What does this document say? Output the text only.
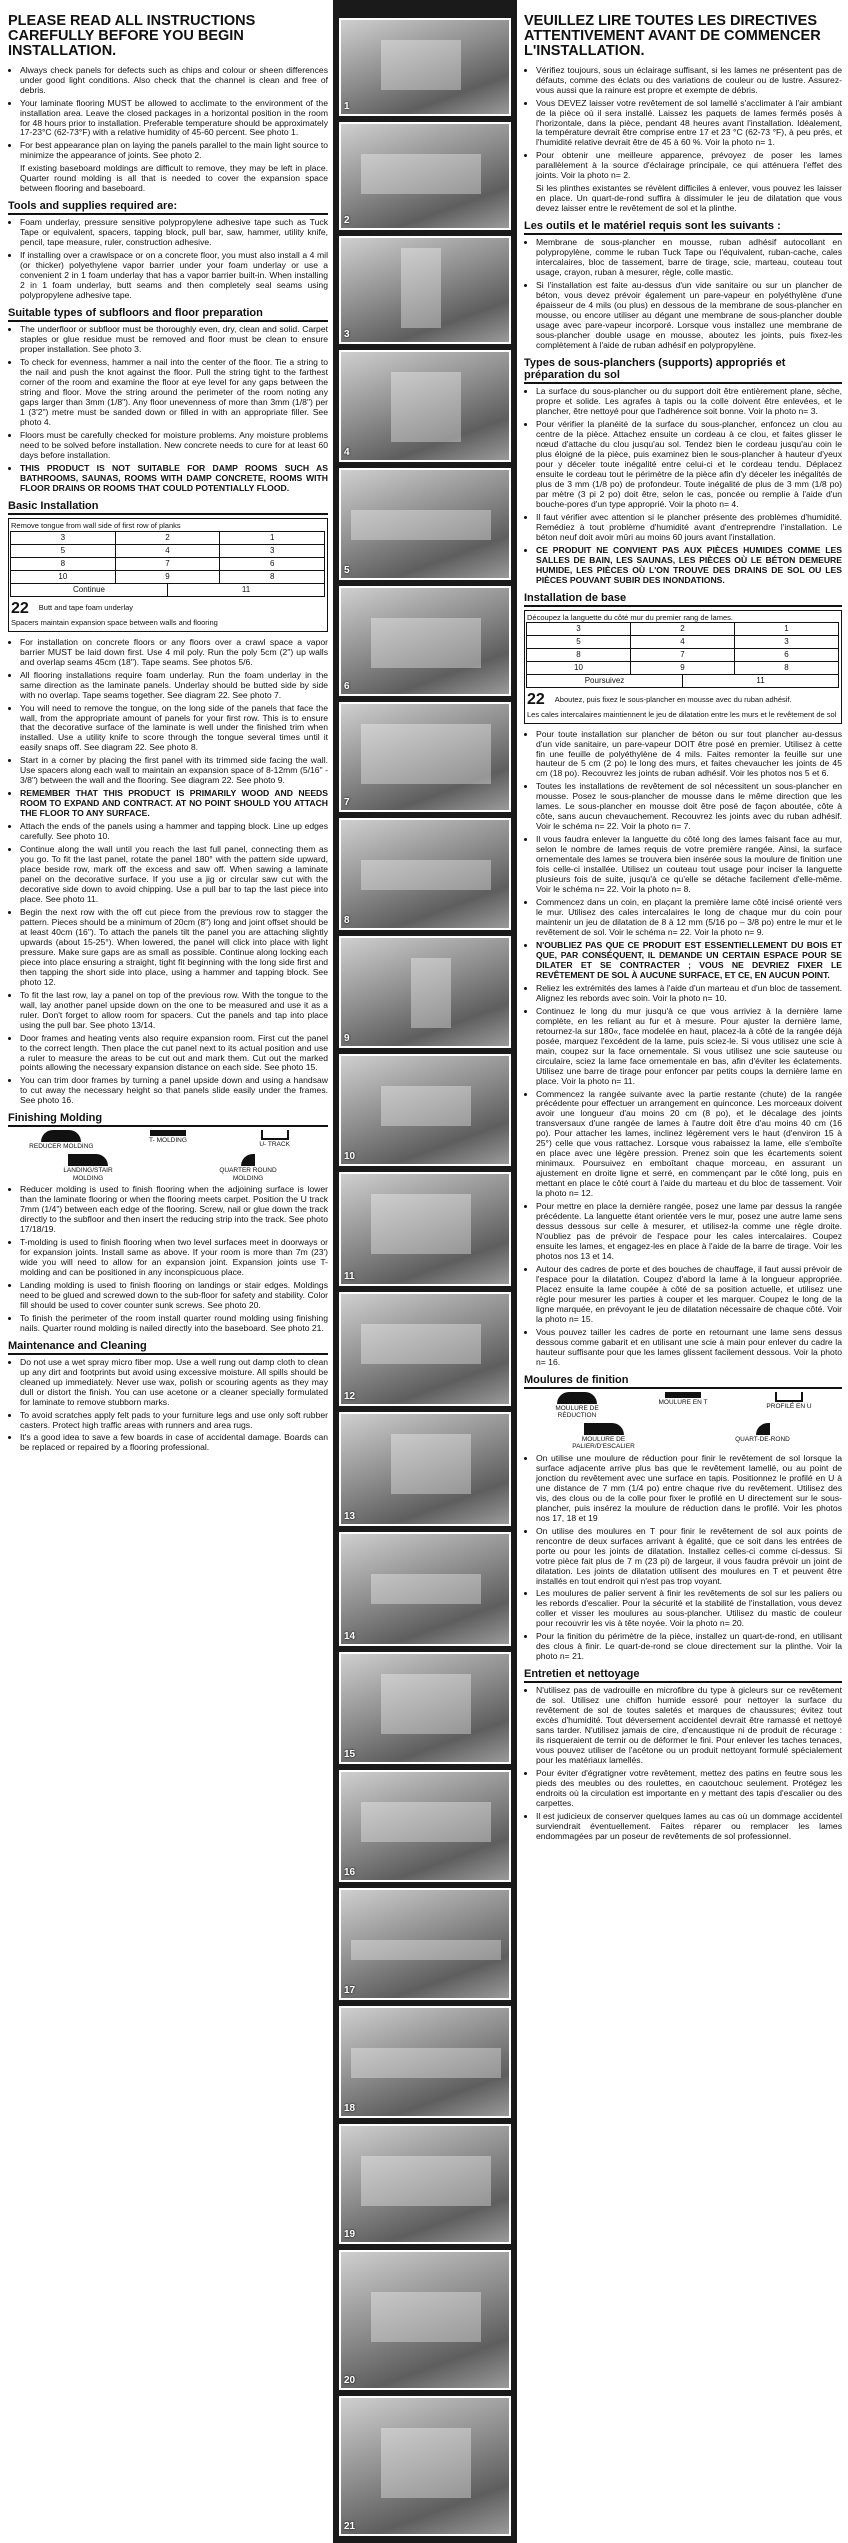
PLEASE READ ALL INSTRUCTIONS CAREFULLY BEFORE YOU BEGIN INSTALLATION.
• Always check panels for defects such as chips and colour or sheen differences under good light conditions. Also check that the channel is clean and free of debris.
• Your laminate flooring MUST be allowed to acclimate to the environment of the installation area. Leave the closed packages in a horizontal position in the room for 48 hours prior to installation. Preferable temperature should be approximately 17-23°C (62-73°F) with a relative humidity of 45-60 percent. See photo 1.
• For best appearance plan on laying the panels parallel to the main light source to minimize the appearance of joints. See photo 2.

If existing baseboard moldings are difficult to remove, they may be left in place. Quarter round molding is all that is needed to cover the expansion space between flooring and baseboard.

Tools and supplies required are:
• Foam underlay, pressure sensitive polypropylene adhesive tape such as Tuck Tape or equivalent, spacers, tapping block, pull bar, saw, hammer, utility knife, pencil, tape measure, ruler, construction adhesive.
• If installing over a crawlspace or on a concrete floor, you must also install a 4 mil (or thicker) polyethylene vapor barrier under your foam underlay or use a convenient 2 in 1 foam underlay that has a vapor barrier built-in. When installing 2 in 1 foam underlay, butt seams and then completely seal seams using polypropylene adhesive tape.
Suitable types of subfloors and floor preparation
• The underfloor or subfloor must be thoroughly even, dry, clean and solid. Carpet staples or glue residue must be removed and floor must be clean to ensure proper installation. See photo 3.
• To check for evenness, hammer a nail into the center of the floor. Tie a string to the nail and push the knot against the floor. Pull the string tight to the farthest corner of the room and examine the floor at eye level for any gaps between the string and floor. Move the string around the perimeter of the room noting any gaps larger than 3mm (1/8"). Any floor unevenness of more than 3mm (1/8") per 1 (3'2") metre must be sanded down or filled in with an appropriate filler. See photo 4.
• Floors must be carefully checked for moisture problems. Any moisture problems need to be solved before installation. New concrete needs to cure for at least 60 days before installation.
• THIS PRODUCT IS NOT SUITABLE FOR DAMP ROOMS SUCH AS BATHROOMS, SAUNAS, ROOMS WITH DAMP CONCRETE, ROOMS WITH FLOOR DRAINS OR ROOMS THAT COULD POTENTIALLY FLOOD.
Basic Installation
Remove tongue from wall side of first row of planks
3	2	1
5	4	3
8	7	6
10	9	8
Continue	11
22 Butt and tape foam underlay
Spacers maintain expansion space between walls and flooring
• For installation on concrete floors or any floors over a crawl space a vapor barrier MUST be laid down first. Use 4 mil poly. Run the poly 5cm (2") up walls and overlap seams 45cm (18"). Tape seams. See photos 5/6.
• All flooring installations require foam underlay. Run the foam underlay in the same direction as the laminate panels. Underlay should be butted side by side with no overlap. Tape seams together. See diagram 22. See photo 7.
• You will need to remove the tongue, on the long side of the panels that face the wall, from the appropriate amount of panels for your first row. This is to ensure that the decorative surface of the laminate is well under the finished trim when installed. Use a utility knife to score through the tongue several times until it easily snaps off. See diagram 22. See photo 8.
• Start in a corner by placing the first panel with its trimmed side facing the wall. Use spacers along each wall to maintain an expansion space of 8-12mm (5/16" - 3/8") between the wall and the flooring. See diagram 22. See photo 9.
• REMEMBER THAT THIS PRODUCT IS PRIMARILY WOOD AND NEEDS ROOM TO EXPAND AND CONTRACT. AT NO POINT SHOULD YOU ATTACH THE FLOOR TO ANY SURFACE.
• Attach the ends of the panels using a hammer and tapping block. Line up edges carefully. See photo 10.
• Continue along the wall until you reach the last full panel, connecting them as you go. To fit the last panel, rotate the panel 180° with the pattern side upward, place beside row, mark off the excess and saw off. When sawing a laminate panel on the decorative surface. If you use a jig or circular saw cut with the decorative side down to avoid chipping. Use a pull bar to tap the last piece into place. See photo 11.
• Begin the next row with the off cut piece from the previous row to stagger the pattern. Pieces should be a minimum of 20cm (8") long and joint offset should be at least 40cm (16"). To attach the panels tilt the panel you are attaching slightly upwards (about 15-25°). When lowered, the panel will click into place with light pressure. Make sure gaps are as small as possible. Continue along locking each piece into place ensuring a straight, tight fit beginning with the long side first and then tapping the short side into place, using a hammer and tapping block. See photo 12.
• To fit the last row, lay a panel on top of the previous row. With the tongue to the wall, lay another panel upside down on the one to be measured and use it as a ruler. Don't forget to allow room for spacers. Cut the panels and tap into place using the pull bar. See photo 13/14.
• Door frames and heating vents also require expansion room. First cut the panel to the correct length. Then place the cut panel next to its actual position and use a ruler to measure the areas to be cut out and mark them. Cut out the marked points allowing the necessary expansion distance on each side. See photo 15.
• You can trim door frames by turning a panel upside down and using a handsaw to cut away the necessary height so that panels slide easily under the frames. See photo 16.
Finishing Molding
REDUCER MOLDING
T- MOLDING
U- TRACK
LANDING/STAIR MOLDING
QUARTER ROUND MOLDING
• Reducer molding is used to finish flooring when the adjoining surface is lower than the laminate flooring or when the flooring meets carpet. Position the U track 7mm (1/4") between each edge of the flooring. Screw, nail or glue down the track directly to the subfloor and then insert the reducing strip into the track. See photo 17/18/19.
• T-molding is used to finish flooring when two level surfaces meet in doorways or for expansion joints. Install same as above. If your room is more than 7m (23') wide you will need to allow for an expansion joint. Expansion joints use T-molding and can be positioned in any inconspicuous place.
• Landing molding is used to finish flooring on landings or stair edges. Moldings need to be glued and screwed down to the sub-floor for safety and stability. Color fill should be used to cover counter sunk screws. See photo 20.
• To finish the perimeter of the room install quarter round molding using finishing nails. Quarter round molding is nailed directly into the baseboard. See photo 21.
Maintenance and Cleaning
• Do not use a wet spray micro fiber mop. Use a well rung out damp cloth to clean up any dirt and footprints but avoid using excessive moisture. All spills should be cleaned up immediately. Never use wax, polish or scouring agents as they may dull or distort the finish. You can use acetone or a cleaner specially formulated for laminate to remove stubborn marks.
• To avoid scratches apply felt pads to your furniture legs and use only soft rubber casters. Protect high traffic areas with runners and area rugs.
• It's a good idea to save a few boards in case of accidental damage. Boards can be replaced or repaired by a flooring professional.
1
2
3
4
5
6
7
8
9
10
11
12
13
14
15
16
17
18
19
20
21
VEUILLEZ LIRE TOUTES LES DIRECTIVES ATTENTIVEMENT AVANT DE COMMENCER L'INSTALLATION.
• Vérifiez toujours, sous un éclairage suffisant, si les lames ne présentent pas de défauts, comme des éclats ou des variations de couleur ou de lustre. Assurez-vous aussi que la rainure est propre et exempte de débris.
• Vous DEVEZ laisser votre revêtement de sol lamellé s'acclimater à l'air ambiant de la pièce où il sera installé. Laissez les paquets de lames fermés posés à l'horizontale, dans la pièce, pendant 48 heures avant l'installation. Idéalement, la température devrait être comprise entre 17 et 23 °C (62-73 °F), à peu près, et l'humidité relative devrait être de 45 à 60 %. Voir la photo n= 1.
• Pour obtenir une meilleure apparence, prévoyez de poser les lames parallèlement à la source d'éclairage principale, ce qui atténuera l'effet des joints. Voir la photo n= 2.

Si les plinthes existantes se révèlent difficiles à enlever, vous pouvez les laisser en place. Un quart-de-rond suffira à dissimuler le jeu de dilatation que vous devez laisser entre le revêtement de sol et la plinthe.

Les outils et le matériel requis sont les suivants :
• Membrane de sous-plancher en mousse, ruban adhésif autocollant en polypropylène, comme le ruban Tuck Tape ou l'équivalent, ruban-cache, cales intercalaires, bloc de tassement, barre de tirage, scie, marteau, couteau tout usage, crayon, ruban à mesurer, règle, colle mastic.
• Si l'installation est faite au-dessus d'un vide sanitaire ou sur un plancher de béton, vous devez prévoir également un pare-vapeur en polyéthylène d'une épaisseur de 4 mils (ou plus) en dessous de la membrane de sous-plancher en mousse, ou encore utiliser au dégant une membrane de sous-plancher double usage avec pare-vapeur incorporé. Lorsque vous installez une membrane de sous-plancher double usage en mousse, aboutez les joints, puis fixez-les complètement à l'aide de ruban adhésif en polypropylène.
Types de sous-planchers (supports) appropriés et préparation du sol
• La surface du sous-plancher ou du support doit être entièrement plane, sèche, propre et solide. Les agrafes à tapis ou la colle doivent être enlevées, et le plancher, être nettoyé pour que l'adhérence soit bonne. Voir la photo n= 3.
• Pour vérifier la planéité de la surface du sous-plancher, enfoncez un clou au centre de la pièce. Attachez ensuite un cordeau à ce clou, et faites glisser le nœud d'attache du clou jusqu'au sol. Tendez bien le cordeau jusqu'au coin le plus éloigné de la pièce, puis examinez bien le sous-plancher à hauteur d'yeux pour y déceler toute inégalité entre celui-ci et le cordeau tendu. Déplacez ensuite le cordeau tout le périmètre de la pièce afin d'y déceler les inégalités de plus de 3 mm (1/8 po) de profondeur. Toute inégalité de plus de 3 mm (1/8 po) par mètre (3 pi 2 po) doit être, selon le cas, poncée ou remplie à l'aide d'un bouche-pores d'un type approprié. Voir la photo n= 4.
• Il faut vérifier avec attention si le plancher présente des problèmes d'humidité. Remédiez à tout problème d'humidité avant d'entreprendre l'installation. Le béton neuf doit avoir mûri au moins 60 jours avant l'installation.
• CE PRODUIT NE CONVIENT PAS AUX PIÈCES HUMIDES COMME LES SALLES DE BAIN, LES SAUNAS, LES PIÈCES OÙ LE BÉTON DEMEURE HUMIDE, LES PIÈCES OÙ L'ON TROUVE DES DRAINS DE SOL OU LES PIÈCES POUVANT SUBIR DES INONDATIONS.
Installation de base
Découpez la languette du côté mur du premier rang de lames.
3	2	1
5	4	3
8	7	6
10	9	8
Poursuivez	11
22 Aboutez, puis fixez le sous-plancher en mousse avec du ruban adhésif.
Les cales intercalaires maintiennent le jeu de dilatation entre les murs et le revêtement de sol
• Pour toute installation sur plancher de béton ou sur tout plancher au-dessus d'un vide sanitaire, un pare-vapeur DOIT être posé en premier. Utilisez à cette fin une feuille de polyéthylène de 4 mils. Faites remonter la feuille sur une hauteur de 5 cm (2 po) le long des murs, et faites chevaucher les joints de 45 cm (18 po). Recouvrez les joints de ruban adhésif. Voir les photos nos 5 et 6.
• Toutes les installations de revêtement de sol nécessitent un sous-plancher en mousse. Posez le sous-plancher de mousse dans le même direction que les lames. Le sous-plancher en mousse doit être posé de façon aboutée, côte à côte, sans aucun chevauchement. Recouvrez les joints avec du ruban adhésif. Voir le schéma n= 22. Voir la photo n= 7.
• Il vous faudra enlever la languette du côté long des lames faisant face au mur, selon le nombre de lames requis de votre première rangée. Ainsi, la surface ornementale des lames se trouvera bien insérée sous la moulure de finition une fois celle-ci installée. Utilisez un couteau tout usage pour inciser la languette plusieurs fois de suite, jusqu'à ce qu'elle se détache facilement d'elle-même. Voir le schéma n= 22. Voir la photo n= 8.
• Commencez dans un coin, en plaçant la première lame côté incisé orienté vers le mur. Utilisez des cales intercalaires le long de chaque mur du coin pour maintenir un jeu de dilatation de 8 à 12 mm (5/16 po – 3/8 po) entre le mur et le revêtement de sol. Voir le schéma n= 22. Voir la photo n= 9.
• N'OUBLIEZ PAS QUE CE PRODUIT EST ESSENTIELLEMENT DU BOIS ET QUE, PAR CONSÉQUENT, IL DEMANDE UN CERTAIN ESPACE POUR SE DILATER ET SE CONTRACTER ; VOUS NE DEVRIEZ FIXER LE REVÊTEMENT DE SOL À AUCUNE SURFACE, ET CE, EN AUCUN POINT.
• Reliez les extrémités des lames à l'aide d'un marteau et d'un bloc de tassement. Alignez les rebords avec soin. Voir la photo n= 10.
• Continuez le long du mur jusqu'à ce que vous arriviez à la dernière lame complète, en les reliant au fur et à mesure. Pour ajuster la dernière lame, retournez-la sur 180«, face modelée en haut, placez-la à côté de la rangée déjà posée, marquez l'excédent de la lame, puis sciez-le. Si vous utilisez une scie à main, coupez sur la face ornementale. Si vous utilisez une scie sauteuse ou circulaire, sciez la lame face ornementale en bas, afin d'éviter les éclatements. Utilisez une barre de tirage pour enfoncer par petits coups la dernière lame en place. Voir la photo n= 11.
• Commencez la rangée suivante avec la partie restante (chute) de la rangée précédente pour effectuer un arrangement en quinconce. Les morceaux doivent avoir une longueur d'au moins 20 cm (8 po), et le décalage des joints transversaux d'une rangée de lames à l'autre doit être d'au moins 40 cm (16 po). Pour attacher les lames, inclinez légèrement vers le haut (d'environ 15 à 25°) celle que vous rattachez. Lorsque vous rabaissez la lame, elle s'emboîte en place avec une légère pression. Prenez soin que les écartements soient minimaux. Poursuivez en emboîtant chaque morceau, en assurant un ajustement en droite ligne et serré, en commençant par le côté long, puis en mettant en place le côté court à l'aide du marteau et du bloc de tassement. Voir la photo n= 12.
• Pour mettre en place la dernière rangée, posez une lame par dessus la rangée précédente. La languette étant orientée vers le mur, posez une autre lame sens dessus dessous sur celle à mesurer, et utilisez-la comme une règle droite. N'oubliez pas de prévoir de l'espace pour les cales intercalaires. Coupez ensuite les lames, et engagez-les en place à l'aide de la barre de tirage. Voir les photos nos 13 et 14.
• Autour des cadres de porte et des bouches de chauffage, il faut aussi prévoir de l'espace pour la dilatation. Coupez d'abord la lame à la longueur appropriée. Placez ensuite la lame coupée à côté de sa position actuelle, et utilisez une règle pour mesurer les parties à couper et les marquer. Coupez le long de la ligne marquée, en prévoyant le jeu de dilatation nécessaire de chaque côté. Voir la photo n= 15.
• Vous pouvez tailler les cadres de porte en retournant une lame sens dessus dessous comme gabarit et en utilisant une scie à main pour enlever du cadre la hauteur suffisante pour que les lames glissent facilement dessous. Voir la photo n= 16.
Moulures de finition
MOULURE DE RÉDUCTION
MOULURE EN T
PROFILÉ EN U
MOULURE DE PALIER/D'ESCALIER
QUART-DE-ROND
• On utilise une moulure de réduction pour finir le revêtement de sol lorsque la surface adjacente arrive plus bas que le revêtement lamellé, ou au point de jonction du revêtement avec une surface en tapis. Positionnez le profilé en U à une distance de 7 mm (1/4 po) entre chaque rive du revêtement. Utilisez des vis, des clous ou de la colle pour fixer le profilé en U directement sur le sous-plancher, puis insérez la moulure de réduction dans le profilé. Voir les photos nos 17, 18 et 19
• On utilise des moulures en T pour finir le revêtement de sol aux points de rencontre de deux surfaces arrivant à égalité, que ce soit dans les entrées de porte ou pour les joints de dilatation. Installez celles-ci comme ci-dessus. Si votre pièce fait plus de 7 m (23 pi) de largeur, il vous faudra prévoir un joint de dilatation. Les joints de dilatation utilisent des moulures en T et peuvent être installés en tout endroit qui n'est pas trop voyant.
• Les moulures de palier servent à finir les revêtements de sol sur les paliers ou les rebords d'escalier. Pour la sécurité et la stabilité de l'installation, vous devez coller et visser les moulures au sous-plancher. Utilisez du mastic de couleur pour recouvrir les vis à tête noyée. Voir la photo n= 20.
• Pour la finition du périmètre de la pièce, installez un quart-de-rond, en utilisant des clous à finir. Le quart-de-rond se cloue directement sur la plinthe. Voir la photo n= 21.
Entretien et nettoyage
• N'utilisez pas de vadrouille en microfibre du type à gicleurs sur ce revêtement de sol. Utilisez une chiffon humide essoré pour nettoyer la surface du revêtement de sol de toutes saletés et marques de chaussures; évitez tout excès d'humidité. Tout déversement accidentel devrait être ramassé et nettoyé sans tarder. N'utilisez jamais de cire, d'encaustique ni de produit de récurage : ils risqueraient de ternir ou de déformer le fini. Pour enlever les taches tenaces, vous pouvez utiliser de l'acétone ou un produit nettoyant formulé spécialement pour les matériaux lamellés.
• Pour éviter d'égratigner votre revêtement, mettez des patins en feutre sous les pieds des meubles ou des roulettes, en caoutchouc seulement. Protégez les endroits où la circulation est importante en y mettant des tapis d'escalier ou des carpettes.
• Il est judicieux de conserver quelques lames au cas où un dommage accidentel surviendrait éventuellement. Faites réparer ou remplacer les lames endommagées par un poseur de revêtements de sol professionnel.
